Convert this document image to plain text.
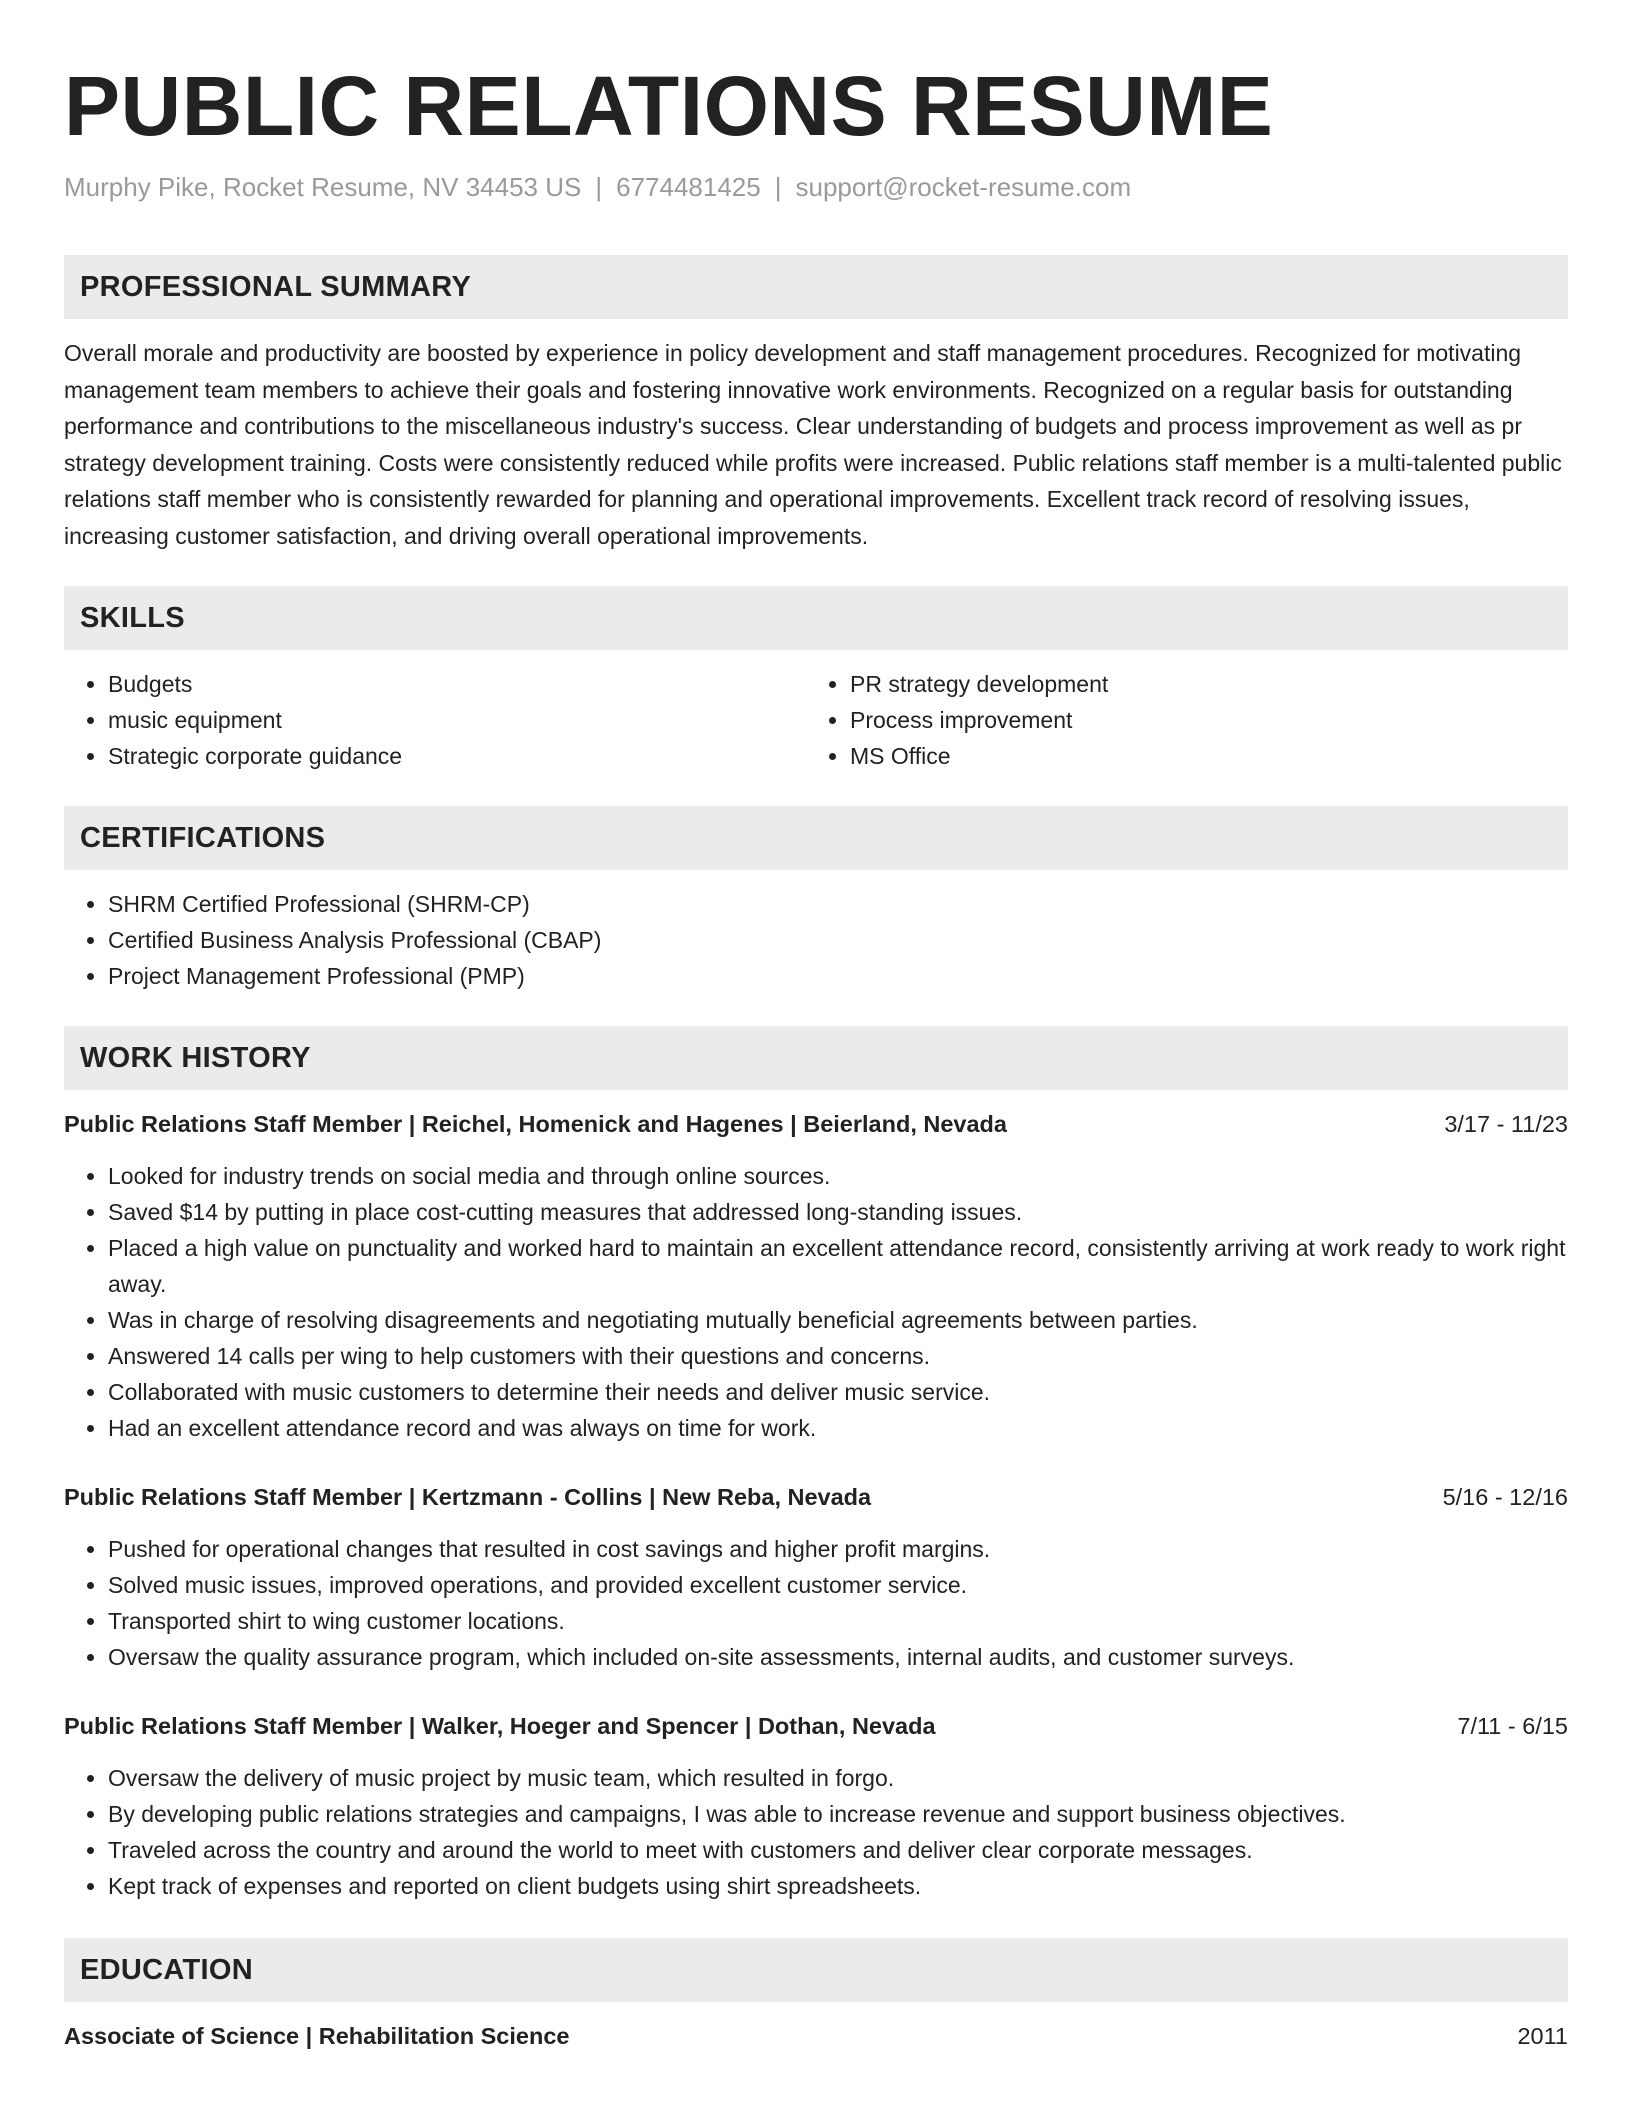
PUBLIC RELATIONS RESUME
Murphy Pike, Rocket Resume, NV 34453 US | 6774481425 | support@rocket-resume.com
PROFESSIONAL SUMMARY
Overall morale and productivity are boosted by experience in policy development and staff management procedures. Recognized for motivating management team members to achieve their goals and fostering innovative work environments. Recognized on a regular basis for outstanding performance and contributions to the miscellaneous industry's success. Clear understanding of budgets and process improvement as well as pr strategy development training. Costs were consistently reduced while profits were increased. Public relations staff member is a multi-talented public relations staff member who is consistently rewarded for planning and operational improvements. Excellent track record of resolving issues, increasing customer satisfaction, and driving overall operational improvements.
SKILLS
• Budgets
• music equipment
• Strategic corporate guidance
• PR strategy development
• Process improvement
• MS Office
CERTIFICATIONS
• SHRM Certified Professional (SHRM-CP)
• Certified Business Analysis Professional (CBAP)
• Project Management Professional (PMP)
WORK HISTORY
Public Relations Staff Member | Reichel, Homenick and Hagenes | Beierland, Nevada	3/17 - 11/23
• Looked for industry trends on social media and through online sources.
• Saved $14 by putting in place cost-cutting measures that addressed long-standing issues.
• Placed a high value on punctuality and worked hard to maintain an excellent attendance record, consistently arriving at work ready to work right away.
• Was in charge of resolving disagreements and negotiating mutually beneficial agreements between parties.
• Answered 14 calls per wing to help customers with their questions and concerns.
• Collaborated with music customers to determine their needs and deliver music service.
• Had an excellent attendance record and was always on time for work.
Public Relations Staff Member | Kertzmann - Collins | New Reba, Nevada	5/16 - 12/16
• Pushed for operational changes that resulted in cost savings and higher profit margins.
• Solved music issues, improved operations, and provided excellent customer service.
• Transported shirt to wing customer locations.
• Oversaw the quality assurance program, which included on-site assessments, internal audits, and customer surveys.
Public Relations Staff Member | Walker, Hoeger and Spencer | Dothan, Nevada	7/11 - 6/15
• Oversaw the delivery of music project by music team, which resulted in forgo.
• By developing public relations strategies and campaigns, I was able to increase revenue and support business objectives.
• Traveled across the country and around the world to meet with customers and deliver clear corporate messages.
• Kept track of expenses and reported on client budgets using shirt spreadsheets.
EDUCATION
Associate of Science | Rehabilitation Science	2011
